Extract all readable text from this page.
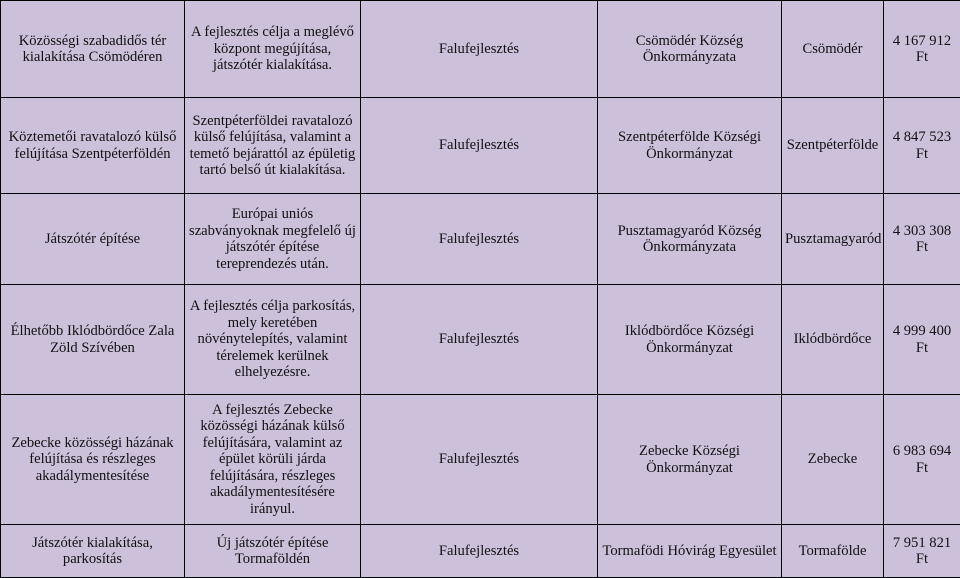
Közösségi szabadidős tér kialakítása Csömödéren	A fejlesztés célja a meglévő központ megújítása, játszótér kialakítása.	Falufejlesztés	Csömödér Község Önkormányzata	Csömödér	4 167 912 Ft
Köztemetői ravatalozó külső felújítása Szentpéterföldén	Szentpéterföldei ravatalozó külső felújítása, valamint a temető bejárattól az épületig tartó belső út kialakítása.	Falufejlesztés	Szentpéterfölde Községi Önkormányzat	Szentpéterfölde	4 847 523 Ft
Játszótér építése	Európai uniós szabványoknak megfelelő új játszótér építése tereprendezés után.	Falufejlesztés	Pusztamagyaród Község Önkormányzata	Pusztamagyaród	4 303 308 Ft
Élhetőbb Iklódbördőce Zala Zöld Szívében	A fejlesztés célja parkosítás, mely keretében növénytelepítés, valamint térelemek kerülnek elhelyezésre.	Falufejlesztés	Iklódbördőce Községi Önkormányzat	Iklódbördőce	4 999 400 Ft
Zebecke közösségi házának felújítása és részleges akadálymentesítése	A fejlesztés Zebecke közösségi házának külső felújítására, valamint az épület körüli járda felújítására, részleges akadálymentesítésére irányul.	Falufejlesztés	Zebecke Községi Önkormányzat	Zebecke	6 983 694 Ft
Játszótér kialakítása, parkosítás	Új játszótér építése Tormaföldén	Falufejlesztés	Tormafödi Hóvirág Egyesület	Tormafölde	7 951 821 Ft
